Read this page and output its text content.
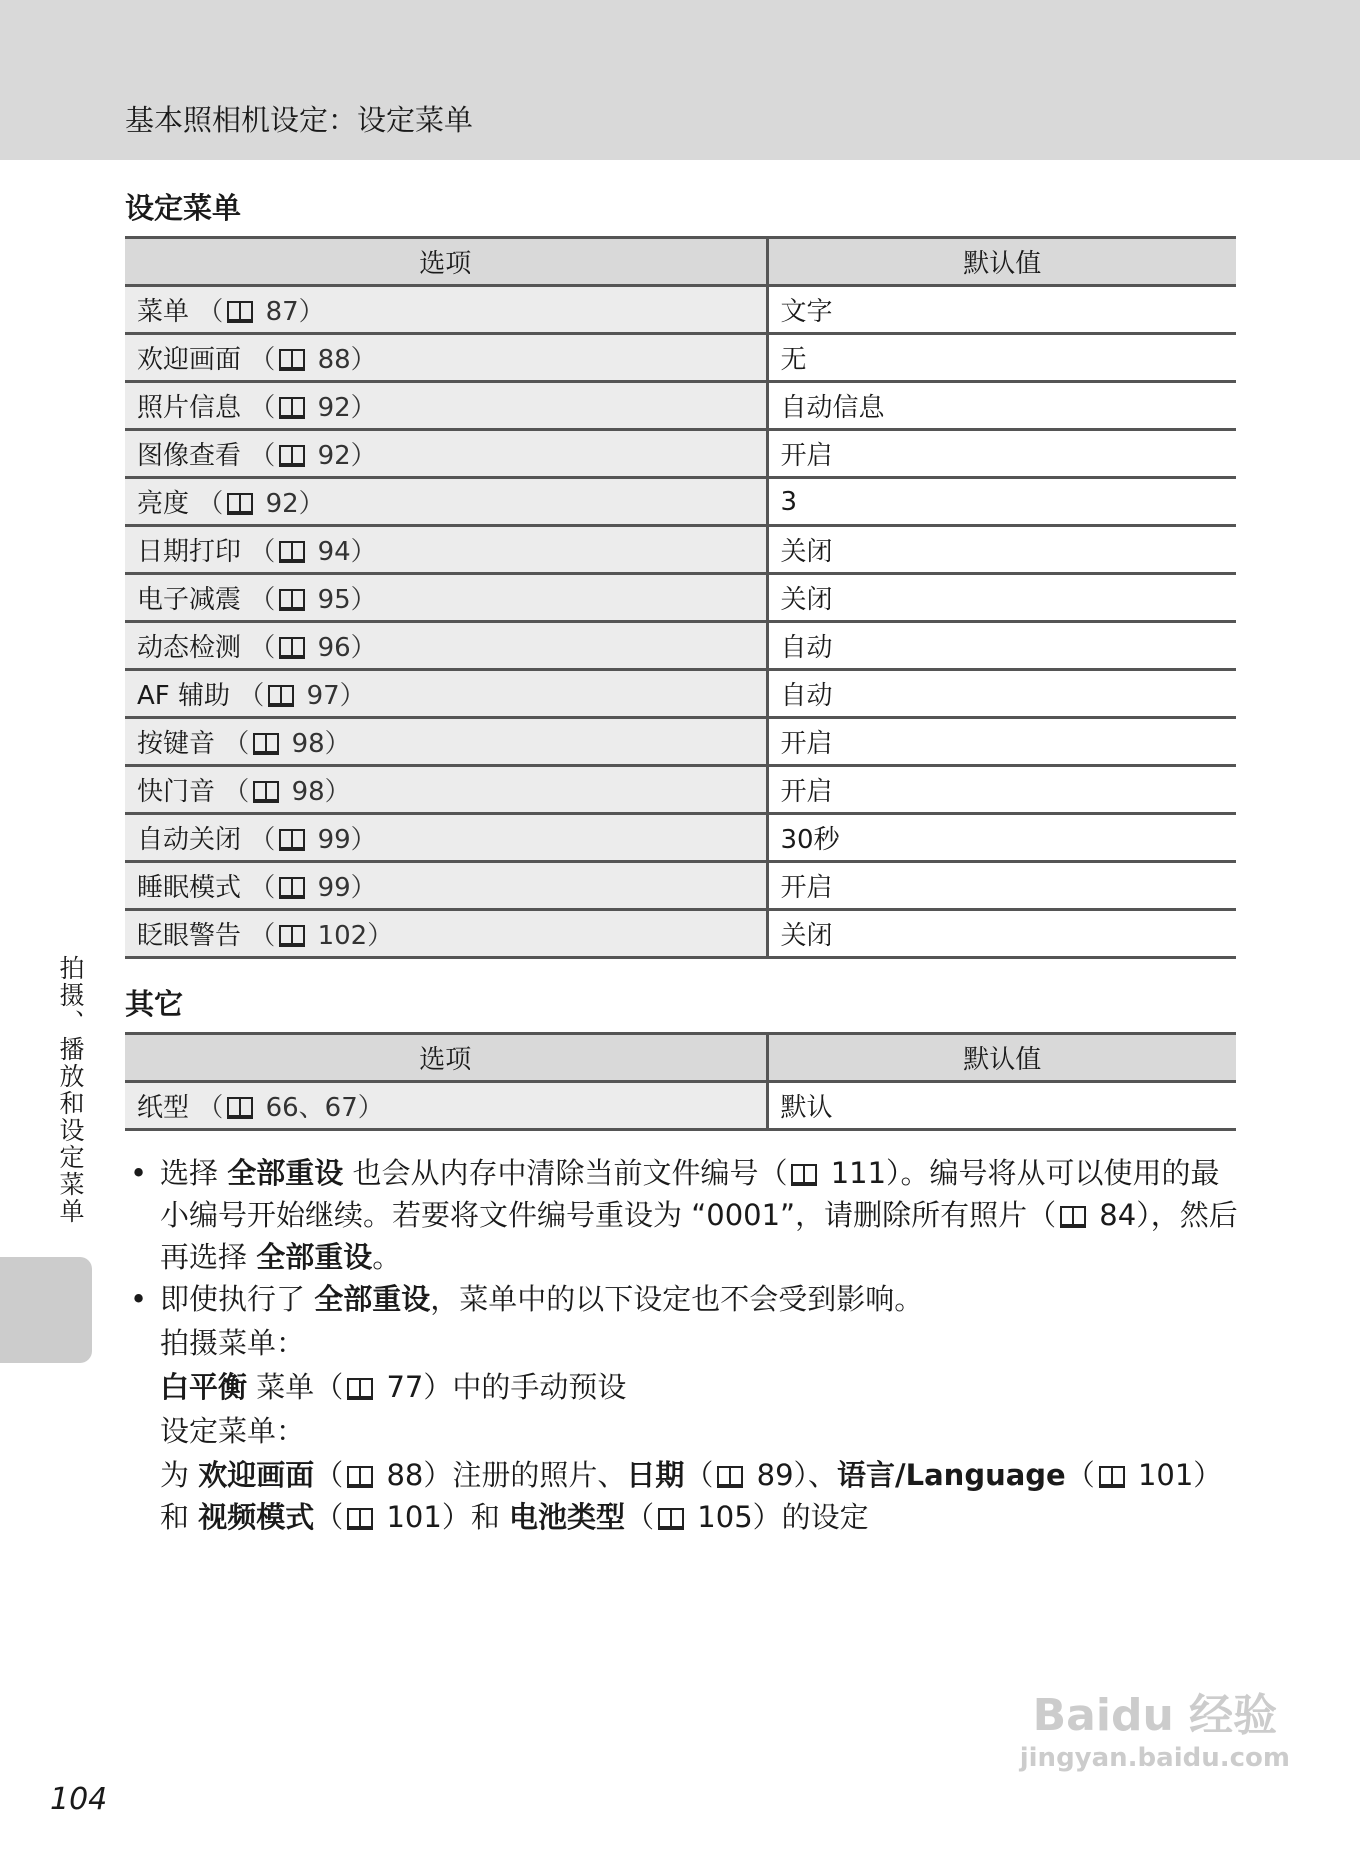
基本照相机设定：设定菜单
设定菜单
选项	默认值
菜单 （ 87）	文字
欢迎画面 （ 88）	无
照片信息 （ 92）	自动信息
图像查看 （ 92）	开启
亮度 （ 92）	3
日期打印 （ 94）	关闭
电子减震 （ 95）	关闭
动态检测 （ 96）	自动
AF 辅助 （ 97）	自动
按键音 （ 98）	开启
快门音 （ 98）	开启
自动关闭 （ 99）	30秒
睡眠模式 （ 99）	开启
眨眼警告 （ 102）	关闭
其它
选项	默认值
纸型 （ 66、67）	默认
• 选择 全部重设 也会从内存中清除当前文件编号（ 111）。编号将从可以使用的最小编号开始继续。若要将文件编号重设为 “0001”，请删除所有照片（ 84），然后再选择 全部重设。
• 即使执行了 全部重设，菜单中的以下设定也不会受到影响。
拍摄菜单：
白平衡 菜单（ 77）中的手动预设
设定菜单：
为 欢迎画面（ 88）注册的照片、日期（ 89）、语言/Language（ 101）和 视频模式（ 101）和 电池类型（ 105）的设定
拍摄、播放和设定菜单
104
Baidu 经验
jingyan.baidu.com
